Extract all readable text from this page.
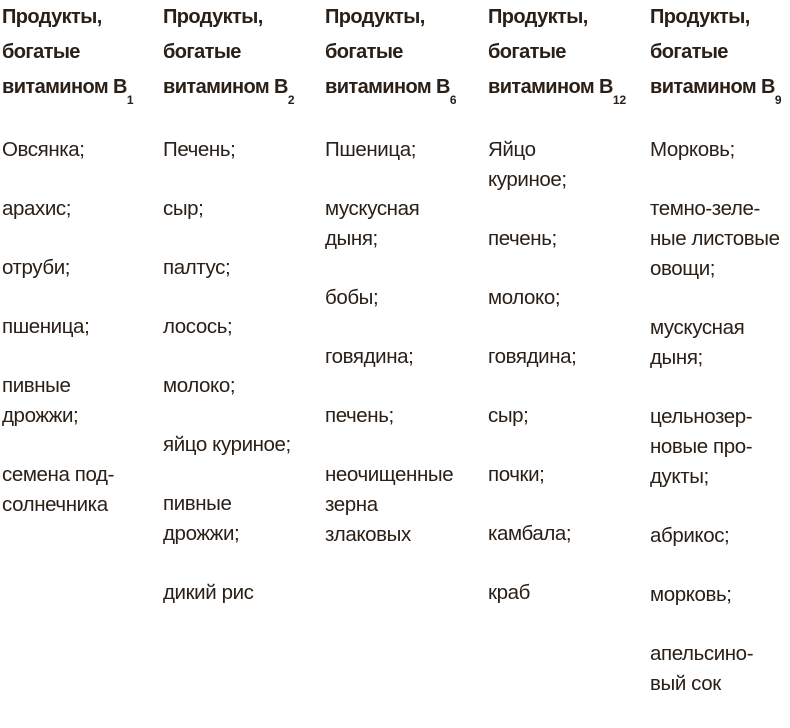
Продукты,
богатые
витамином $В_1$
Овсянка;
арахис;
отруби;
пшеница;
пивные
дрожжи;
семена под-
солнечника
Продукты,
богатые
витамином $В_2$
Печень;
сыр;
палтус;
лосось;
молоко;
яйцо куриное;
пивные
дрожжи;
дикий рис
Продукты,
богатые
витамином $В_6$
Пшеница;
мускусная
дыня;
бобы;
говядина;
печень;
неочищенные
зерна
злаковых
Продукты,
богатые
витамином $В_{12}$
Яйцо
куриное;
печень;
молоко;
говядина;
сыр;
почки;
камбала;
краб
Продукты,
богатые
витамином $В_9$
Морковь;
темно-зеле-
ные листовые
овощи;
мускусная
дыня;
цельнозер-
новые про-
дукты;
абрикос;
морковь;
апельсино-
вый сок
